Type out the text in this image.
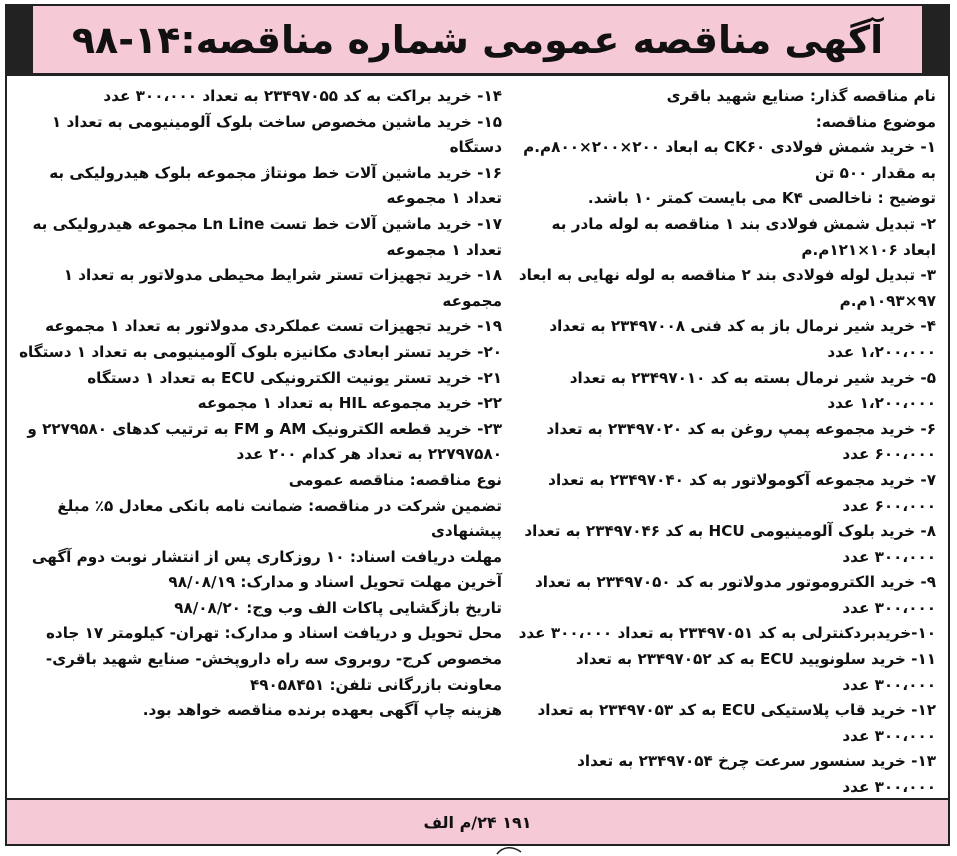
آگهی مناقصه عمومی شماره مناقصه:۱۴-۹۸

نام مناقصه گذار: صنایع شهید باقری

موضوع مناقصه:

۱- خرید شمش فولادی CK۶۰ به ابعاد ۲۰۰×۲۰۰×۸۰۰م.م به مقدار ۵۰۰ تن

توضیح : ناخالصی K۴ می بایست کمتر ۱۰ باشد.

۲- تبدیل شمش فولادی بند ۱ مناقصه به لوله مادر به ابعاد ۱۰۶×۱۲۱م.م

۳- تبدیل لوله فولادی بند ۲ مناقصه به لوله نهایی به ابعاد ۹۷×۱۰۹۳م.م

۴- خرید شیر نرمال باز به کد فنی ۲۳۴۹۷۰۰۸ به تعداد ۱،۲۰۰،۰۰۰ عدد

۵- خرید شیر نرمال بسته به کد ۲۳۴۹۷۰۱۰ به تعداد ۱،۲۰۰،۰۰۰ عدد

۶- خرید مجموعه پمپ روغن به کد ۲۳۴۹۷۰۲۰ به تعداد ۶۰۰،۰۰۰ عدد

۷- خرید مجموعه آکومولاتور به کد ۲۳۴۹۷۰۴۰ به تعداد ۶۰۰،۰۰۰ عدد

۸- خرید بلوک آلومینیومی HCU به کد ۲۳۴۹۷۰۴۶ به تعداد ۳۰۰،۰۰۰ عدد

۹- خرید الکتروموتور مدولاتور به کد ۲۳۴۹۷۰۵۰ به تعداد ۳۰۰،۰۰۰ عدد

۱۰-خریدبردکنترلی به کد ۲۳۴۹۷۰۵۱ به تعداد ۳۰۰،۰۰۰ عدد

۱۱- خرید سلونویید ECU به کد ۲۳۴۹۷۰۵۲ به تعداد ۳۰۰،۰۰۰ عدد

۱۲- خرید قاب پلاستیکی ECU به کد ۲۳۴۹۷۰۵۳ به تعداد ۳۰۰،۰۰۰ عدد

۱۳- خرید سنسور سرعت چرخ ۲۳۴۹۷۰۵۴ به تعداد ۳۰۰،۰۰۰ عدد

۱۴- خرید براکت به کد ۲۳۴۹۷۰۵۵ به تعداد ۳۰۰،۰۰۰ عدد

۱۵- خرید ماشین مخصوص ساخت بلوک آلومینیومی به تعداد ۱ دستگاه

۱۶- خرید ماشین آلات خط مونتاژ مجموعه بلوک هیدرولیکی به تعداد ۱ مجموعه

۱۷- خرید ماشین آلات خط تست Ln Line مجموعه هیدرولیکی به تعداد ۱ مجموعه

۱۸- خرید تجهیزات تستر شرایط محیطی مدولاتور به تعداد ۱ مجموعه

۱۹- خرید تجهیزات تست عملکردی مدولاتور به تعداد ۱ مجموعه

۲۰- خرید تستر ابعادی مکانیزه بلوک آلومینیومی به تعداد ۱ دستگاه

۲۱- خرید تستر یونیت الکترونیکی ECU به تعداد ۱ دستگاه

۲۲- خرید مجموعه HIL به تعداد ۱ مجموعه

۲۳- خرید قطعه الکترونیک AM و FM به ترتیب کدهای ۲۲۷۹۵۸۰ و ۲۲۷۹۷۵۸۰ به تعداد هر کدام ۲۰۰ عدد

نوع مناقصه: مناقصه عمومی

تضمین شرکت در مناقصه: ضمانت نامه بانکی معادل ۵٪ مبلغ پیشنهادی

مهلت دریافت اسناد: ۱۰ روزکاری پس از انتشار نوبت دوم آگهی

آخرین مهلت تحویل اسناد و مدارک: ۹۸/۰۸/۱۹

تاریخ بازگشایی پاکات الف وب وج: ۹۸/۰۸/۲۰

محل تحویل و دریافت اسناد و مدارک: تهران- کیلومتر ۱۷ جاده مخصوص کرج- روبروی سه راه داروپخش- صنایع شهید باقری- معاونت بازرگانی تلفن: ۴۹۰۵۸۴۵۱

هزینه چاپ آگهی بعهده برنده مناقصه خواهد بود.

۱۹۱ ۲۴/م الف
